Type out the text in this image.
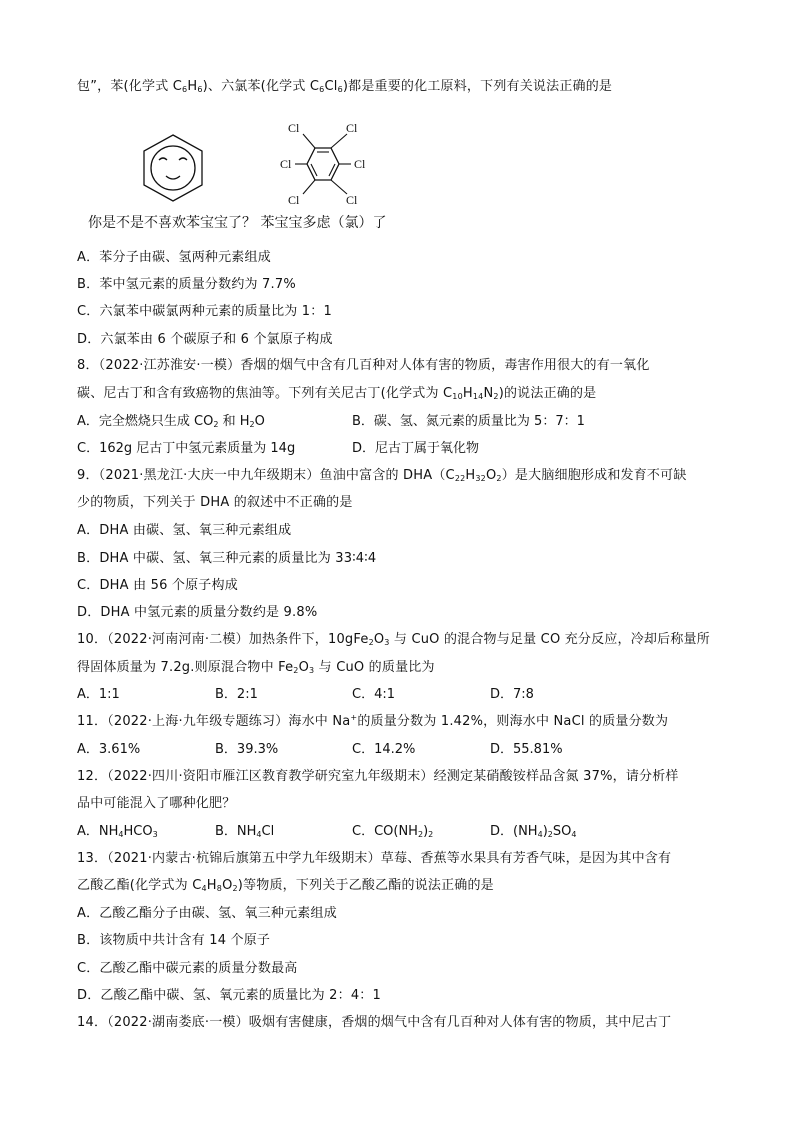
包”，苯(化学式 $C_6H_6$)、六氯苯(化学式 $C_6Cl_6$)都是重要的化工原料，下列有关说法正确的是
Cl	Cl
Cl	Cl
Cl	Cl
你是不是不喜欢苯宝宝了？ 苯宝宝多虑（氯）了
A．苯分子由碳、氢两种元素组成
B．苯中氢元素的质量分数约为 7.7%
C．六氯苯中碳氯两种元素的质量比为 1：1
D．六氯苯由 6 个碳原子和 6 个氯原子构成
8．（2022·江苏淮安·一模）香烟的烟气中含有几百种对人体有害的物质，毒害作用很大的有一氧化
碳、尼古丁和含有致癌物的焦油等。下列有关尼古丁(化学式为 $C_{10}H_{14}N_2$)的说法正确的是
A．完全燃烧只生成 $CO_2$ 和 $H_2O$	B．碳、氢、氮元素的质量比为 5：7：1
C．162g 尼古丁中氢元素质量为 14g	D．尼古丁属于氧化物
9．（2021·黑龙江·大庆一中九年级期末）鱼油中富含的 $DHA(C_{22}H_{32}O_2)$是大脑细胞形成和发育不可缺
少的物质，下列关于 DHA 的叙述中不正确的是
A．DHA 由碳、氢、氧三种元素组成
B．DHA 中碳、氢、氧三种元素的质量比为 33∶4∶4
C．DHA 由 56 个原子构成
D．DHA 中氢元素的质量分数约是 9.8%
10．（2022·河南河南·二模）加热条件下，$10gFe_2O_3$ 与 CuO 的混合物与足量 CO 充分反应，冷却后称量所
得固体质量为 7.2g.则原混合物中 $Fe_2O_3$ 与 CuO 的质量比为
A．1:1	B．2:1	C．4:1	D．7:8
11．（2022·上海·九年级专题练习）海水中 Na+的质量分数为 1.42%，则海水中 NaCl 的质量分数为
A．3.61%	B．39.3%	C．14.2%	D．55.81%
12．（2022·四川·资阳市雁江区教育教学研究室九年级期末）经测定某硝酸铵样品含氮 37%，请分析样
品中可能混入了哪种化肥？
A．$NH_4HCO_3$	B．$NH_4Cl$	C．$CO(NH_2)_2$	D．$(NH_4)_2SO_4$
13．（2021·内蒙古·杭锦后旗第五中学九年级期末）草莓、香蕉等水果具有芳香气味，是因为其中含有
乙酸乙酯(化学式为 $C_4H_8O_2$)等物质，下列关于乙酸乙酯的说法正确的是
A．乙酸乙酯分子由碳、氢、氧三种元素组成
B．该物质中共计含有 14 个原子
C．乙酸乙酯中碳元素的质量分数最高
D．乙酸乙酯中碳、氢、氧元素的质量比为 2：4：1
14．（2022·湖南娄底·一模）吸烟有害健康，香烟的烟气中含有几百种对人体有害的物质，其中尼古丁
